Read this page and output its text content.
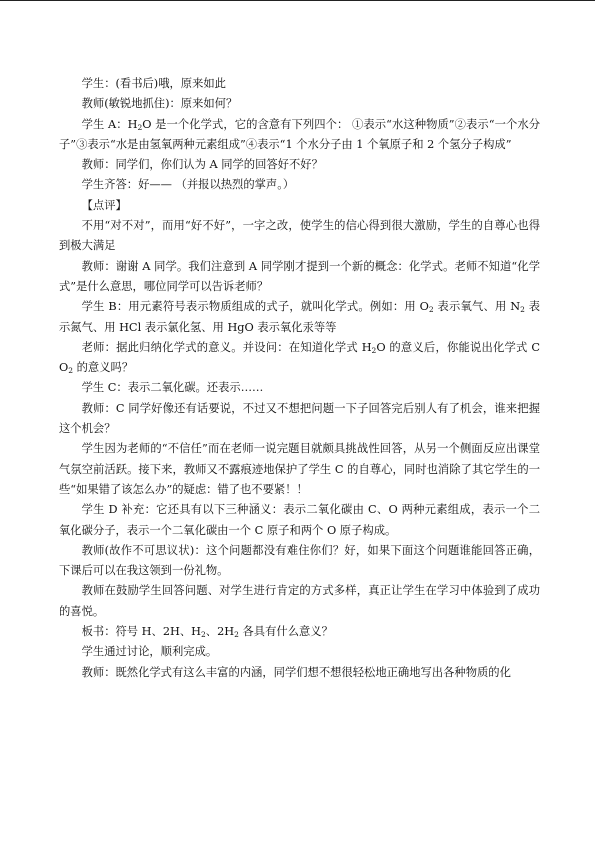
学生：(看书后)哦，原来如此

教师(敏锐地抓住)：原来如何？

学生 A：$H_2O$ 是一个化学式，它的含意有下列四个： ①表示“水这种物质”②表示“一个水分子”③表示“水是由氢氧两种元素组成”④表示“1 个水分子由 1 个氧原子和 2 个氢分子构成”

教师：同学们，你们认为 A 同学的回答好不好？

学生齐答：好—— （并报以热烈的掌声。）

【点评】

不用“对不对”，而用“好不好”，一字之改，使学生的信心得到很大激励，学生的自尊心也得到极大满足

教师：谢谢 A 同学。我们注意到 A 同学刚才提到一个新的概念：化学式。老师不知道“化学式”是什么意思，哪位同学可以告诉老师？

学生 B：用元素符号表示物质组成的式子，就叫化学式。例如：用 $O_2$ 表示氧气、用 $N_2$ 表示氮气、用 HCl 表示氯化氢、用 HgO 表示氧化汞等等

老师：据此归纳化学式的意义。并设问：在知道化学式 $H_2O$ 的意义后，你能说出化学式 $CO_2$ 的意义吗？

学生 C：表示二氧化碳。还表示……

教师：C 同学好像还有话要说，不过又不想把问题一下子回答完后别人有了机会，谁来把握这个机会？

学生因为老师的“不信任”而在老师一说完题目就颇具挑战性回答，从另一个侧面反应出课堂气氛空前活跃。接下来，教师又不露痕迹地保护了学生 C 的自尊心，同时也消除了其它学生的一些“如果错了该怎么办”的疑虑：错了也不要紧！！

学生 D 补充：它还具有以下三种涵义：表示二氧化碳由 C、O 两种元素组成，表示一个二氧化碳分子，表示一个二氧化碳由一个 C 原子和两个 O 原子构成。

教师(故作不可思议状)：这个问题都没有难住你们？好，如果下面这个问题谁能回答正确，下课后可以在我这领到一份礼物。

教师在鼓励学生回答问题、对学生进行肯定的方式多样，真正让学生在学习中体验到了成功的喜悦。

板书：符号 H、2H、$H_2$、$2H_2$ 各具有什么意义？

学生通过讨论，顺利完成。

教师：既然化学式有这么丰富的内涵，同学们想不想很轻松地正确地写出各种物质的化
